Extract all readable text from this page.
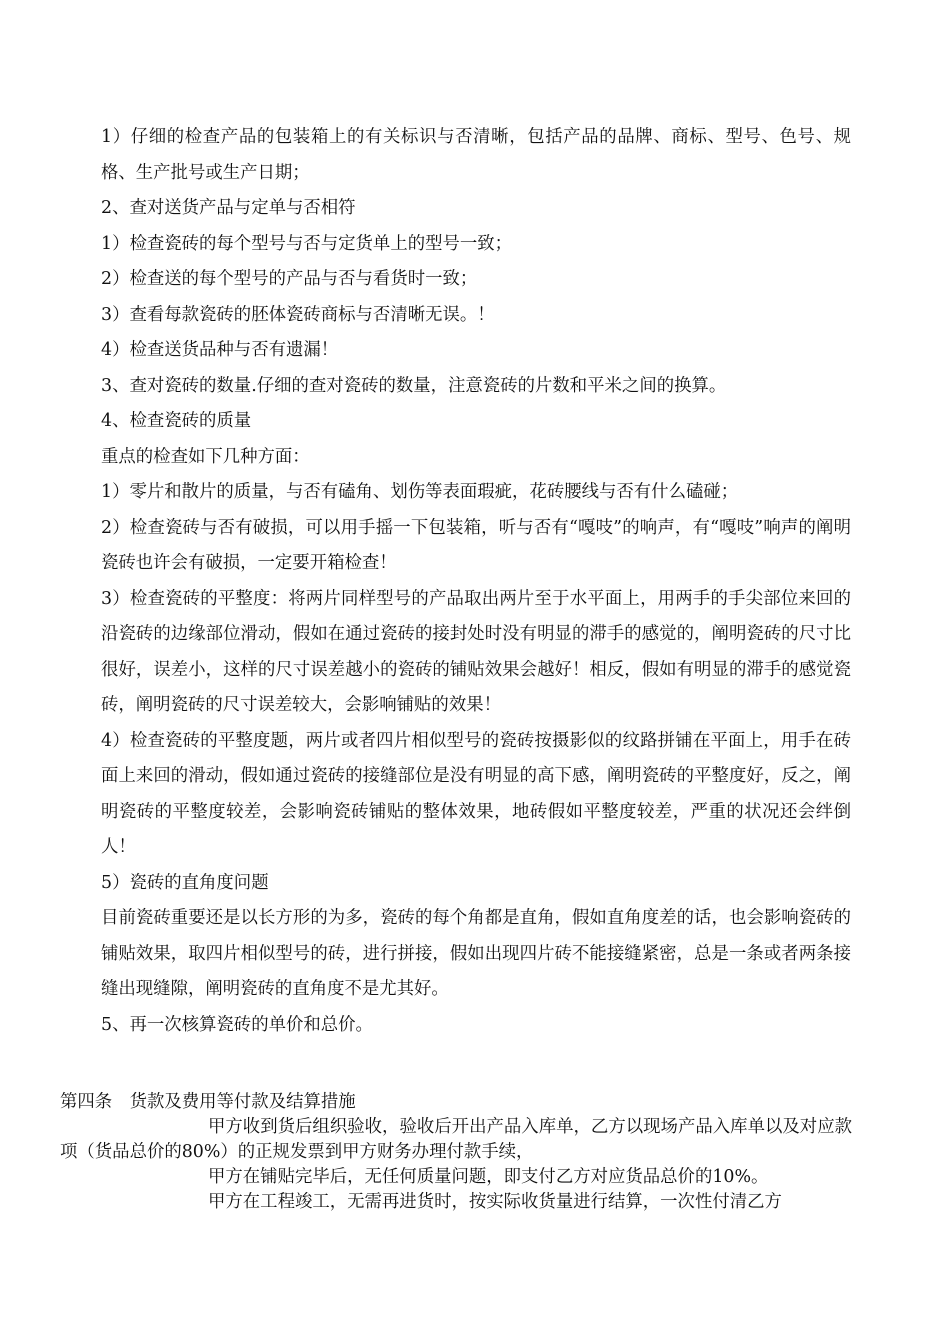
1）仔细的检查产品的包装箱上的有关标识与否清晰，包括产品的品牌、商标、型号、色号、规格、生产批号或生产日期；

2、查对送货产品与定单与否相符

1）检查瓷砖的每个型号与否与定货单上的型号一致；

2）检查送的每个型号的产品与否与看货时一致；

3）查看每款瓷砖的胚体瓷砖商标与否清晰无误。！

4）检查送货品种与否有遗漏！

3、查对瓷砖的数量.仔细的查对瓷砖的数量，注意瓷砖的片数和平米之间的换算。

4、检查瓷砖的质量

重点的检查如下几种方面：

1）零片和散片的质量，与否有磕角、划伤等表面瑕疵，花砖腰线与否有什么磕碰；

2）检查瓷砖与否有破损，可以用手摇一下包装箱，听与否有“嘎吱”的响声，有“嘎吱”响声的阐明瓷砖也许会有破损，一定要开箱检查！

3）检查瓷砖的平整度：将两片同样型号的产品取出两片至于水平面上，用两手的手尖部位来回的沿瓷砖的边缘部位滑动，假如在通过瓷砖的接封处时没有明显的滞手的感觉的，阐明瓷砖的尺寸比很好，误差小，这样的尺寸误差越小的瓷砖的铺贴效果会越好！相反，假如有明显的滞手的感觉瓷砖，阐明瓷砖的尺寸误差较大，会影响铺贴的效果！

4）检查瓷砖的平整度题，两片或者四片相似型号的瓷砖按摄影似的纹路拼铺在平面上，用手在砖面上来回的滑动，假如通过瓷砖的接缝部位是没有明显的高下感，阐明瓷砖的平整度好，反之，阐明瓷砖的平整度较差，会影响瓷砖铺贴的整体效果，地砖假如平整度较差，严重的状况还会绊倒人！

5）瓷砖的直角度问题

目前瓷砖重要还是以长方形的为多，瓷砖的每个角都是直角，假如直角度差的话，也会影响瓷砖的铺贴效果，取四片相似型号的砖，进行拼接，假如出现四片砖不能接缝紧密，总是一条或者两条接缝出现缝隙，阐明瓷砖的直角度不是尤其好。

5、再一次核算瓷砖的单价和总价。

第四条　货款及费用等付款及结算措施

甲方收到货后组织验收，验收后开出产品入库单，乙方以现场产品入库单以及对应款项（货品总价的80%）的正规发票到甲方财务办理付款手续，

甲方在铺贴完毕后，无任何质量问题，即支付乙方对应货品总价的10%。

甲方在工程竣工，无需再进货时，按实际收货量进行结算，一次性付清乙方
